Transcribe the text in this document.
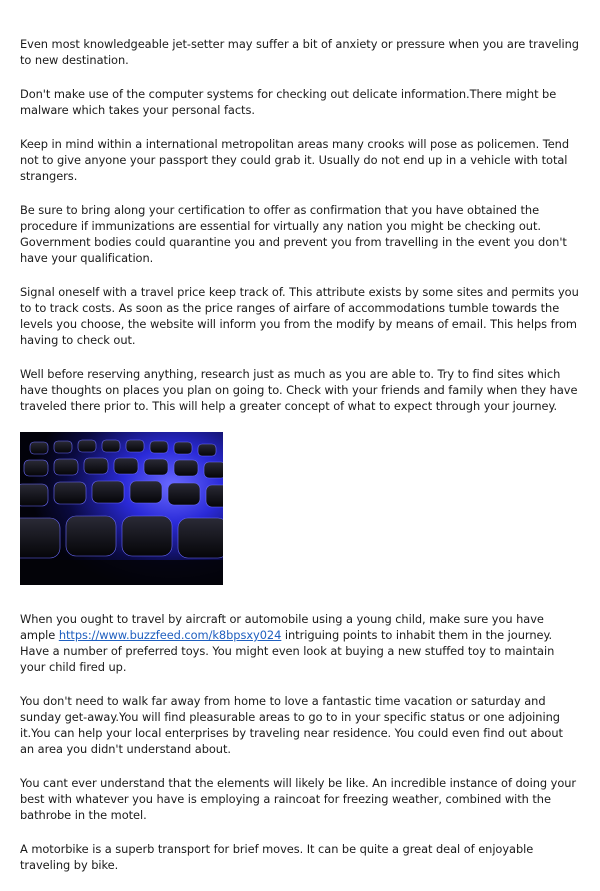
Even most knowledgeable jet-setter may suffer a bit of anxiety or pressure when you are traveling to new destination.

Don't make use of the computer systems for checking out delicate information.There might be malware which takes your personal facts.

Keep in mind within a international metropolitan areas many crooks will pose as policemen. Tend not to give anyone your passport they could grab it. Usually do not end up in a vehicle with total strangers.

Be sure to bring along your certification to offer as confirmation that you have obtained the procedure if immunizations are essential for virtually any nation you might be checking out. Government bodies could quarantine you and prevent you from travelling in the event you don't have your qualification.

Signal oneself with a travel price keep track of. This attribute exists by some sites and permits you to to track costs. As soon as the price ranges of airfare of accommodations tumble towards the levels you choose, the website will inform you from the modify by means of email. This helps from having to check out.

Well before reserving anything, research just as much as you are able to. Try to find sites which have thoughts on places you plan on going to. Check with your friends and family when they have traveled there prior to. This will help a greater concept of what to expect through your journey.

When you ought to travel by aircraft or automobile using a young child, make sure you have ample https://www.buzzfeed.com/k8bpsxy024 intriguing points to inhabit them in the journey. Have a number of preferred toys. You might even look at buying a new stuffed toy to maintain your child fired up.

You don't need to walk far away from home to love a fantastic time vacation or saturday and sunday get-away.You will find pleasurable areas to go to in your specific status or one adjoining it.You can help your local enterprises by traveling near residence. You could even find out about an area you didn't understand about.

You cant ever understand that the elements will likely be like. An incredible instance of doing your best with whatever you have is employing a raincoat for freezing weather, combined with the bathrobe in the motel.

A motorbike is a superb transport for brief moves. It can be quite a great deal of enjoyable traveling by bike.
